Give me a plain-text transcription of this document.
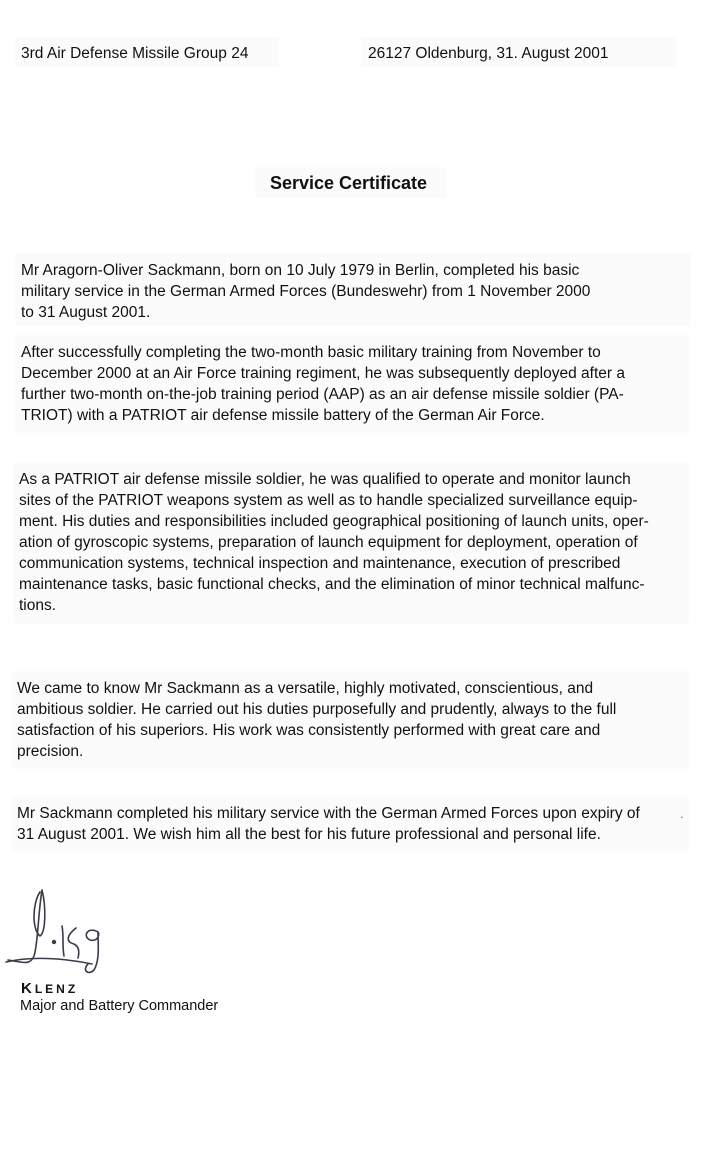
3rd Air Defense Missile Group 24	26127 Oldenburg, 31. August 2001
Service Certificate
Mr Aragorn-Oliver Sackmann, born on 10 July 1979 in Berlin, completed his basic
military service in the German Armed Forces (Bundeswehr) from 1 November 2000
to 31 August 2001.
After successfully completing the two-month basic military training from November to
December 2000 at an Air Force training regiment, he was subsequently deployed after a
further two-month on-the-job training period (AAP) as an air defense missile soldier (PA-
TRIOT) with a PATRIOT air defense missile battery of the German Air Force.
As a PATRIOT air defense missile soldier, he was qualified to operate and monitor launch
sites of the PATRIOT weapons system as well as to handle specialized surveillance equip-
ment. His duties and responsibilities included geographical positioning of launch units, oper-
ation of gyroscopic systems, preparation of launch equipment for deployment, operation of
communication systems, technical inspection and maintenance, execution of prescribed
maintenance tasks, basic functional checks, and the elimination of minor technical malfunc-
tions.
We came to know Mr Sackmann as a versatile, highly motivated, conscientious, and
ambitious soldier. He carried out his duties purposefully and prudently, always to the full
satisfaction of his superiors. His work was consistently performed with great care and
precision.
Mr Sackmann completed his military service with the German Armed Forces upon expiry of
31 August 2001. We wish him all the best for his future professional and personal life.
.
KLENZ
Major and Battery Commander
